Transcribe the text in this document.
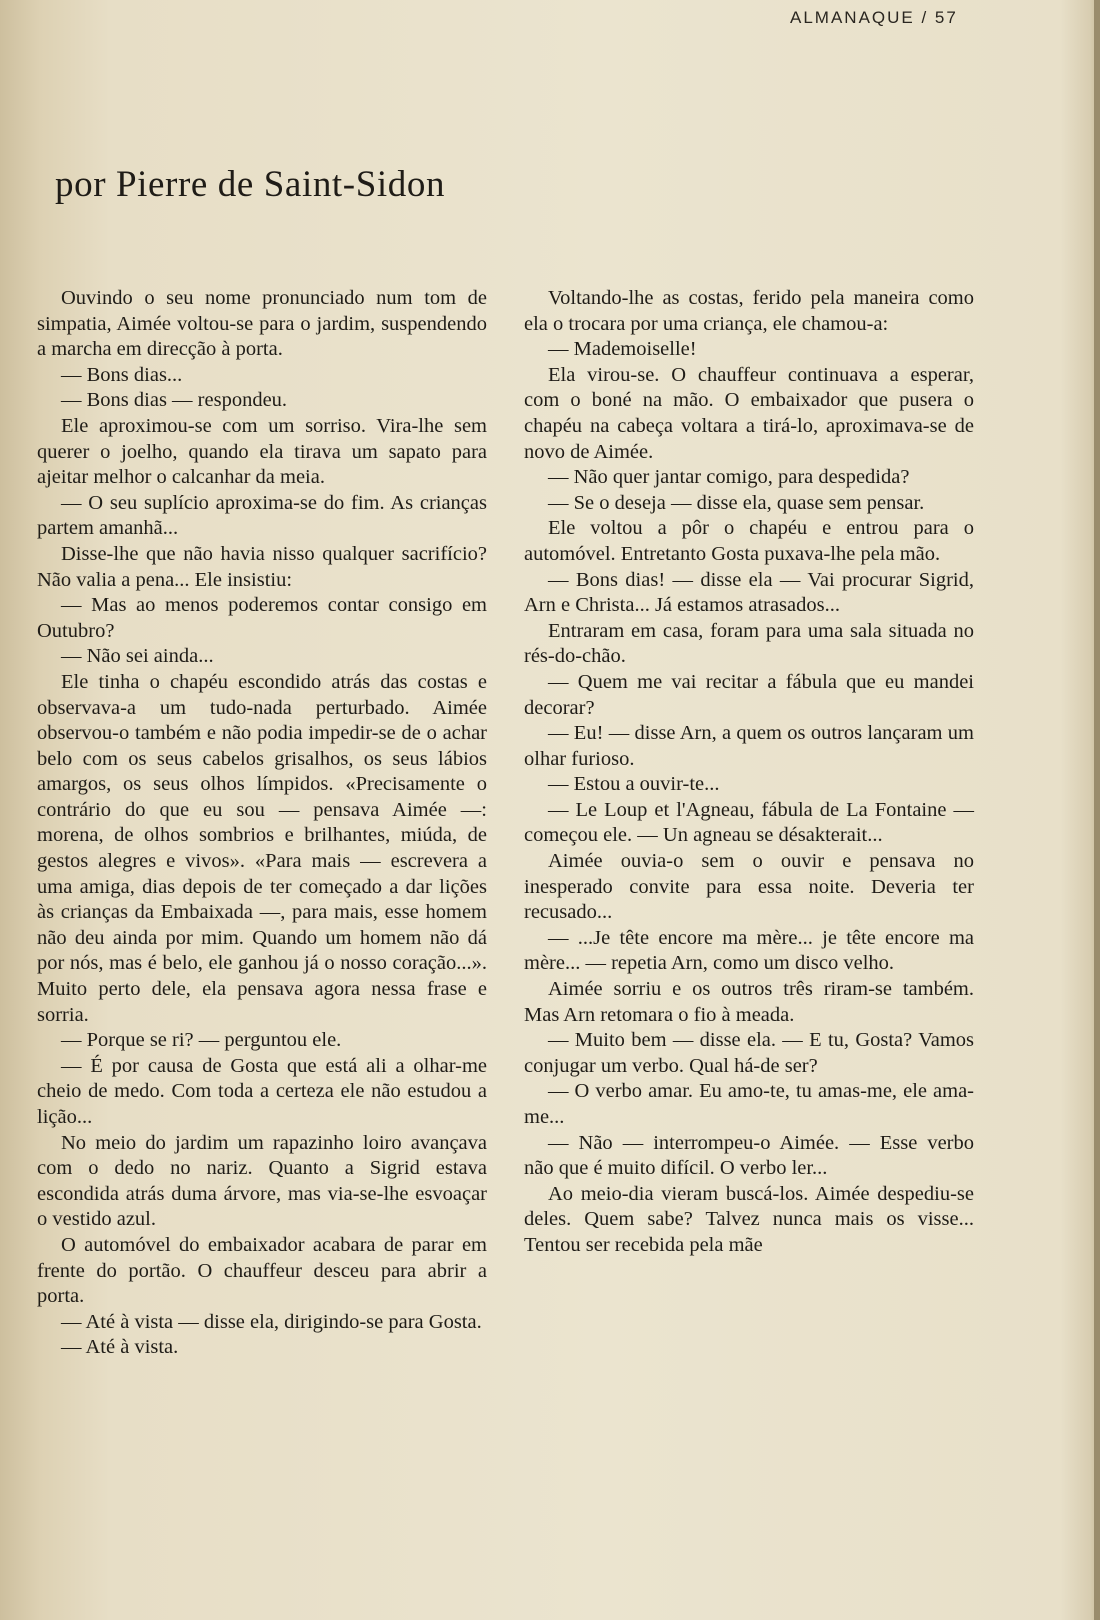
ALMANAQUE / 57
por Pierre de Saint-Sidon

Ouvindo o seu nome pronunciado num tom de simpatia, Aimée voltou-se para o jardim, suspendendo a marcha em direcção à porta.

— Bons dias...

— Bons dias — respondeu.

Ele aproximou-se com um sorriso. Vira-lhe sem querer o joelho, quando ela tirava um sapato para ajeitar melhor o calcanhar da meia.

— O seu suplício aproxima-se do fim. As crianças partem amanhã...

Disse-lhe que não havia nisso qualquer sacrifício? Não valia a pena... Ele insistiu:

— Mas ao menos poderemos contar consigo em Outubro?

— Não sei ainda...

Ele tinha o chapéu escondido atrás das costas e observava-a um tudo-nada perturbado. Aimée observou-o também e não podia impedir-se de o achar belo com os seus cabelos grisalhos, os seus lábios amargos, os seus olhos límpidos. «Precisamente o contrário do que eu sou — pensava Aimée —: morena, de olhos sombrios e brilhantes, miúda, de gestos alegres e vivos». «Para mais — escrevera a uma amiga, dias depois de ter começado a dar lições às crianças da Embaixada —, para mais, esse homem não deu ainda por mim. Quando um homem não dá por nós, mas é belo, ele ganhou já o nosso coração...». Muito perto dele, ela pensava agora nessa frase e sorria.

— Porque se ri? — perguntou ele.

— É por causa de Gosta que está ali a olhar-me cheio de medo. Com toda a certeza ele não estudou a lição...

No meio do jardim um rapazinho loiro avançava com o dedo no nariz. Quanto a Sigrid estava escondida atrás duma árvore, mas via-se-lhe esvoaçar o vestido azul.

O automóvel do embaixador acabara de parar em frente do portão. O chauffeur desceu para abrir a porta.

— Até à vista — disse ela, dirigindo-se para Gosta.

— Até à vista.

Voltando-lhe as costas, ferido pela maneira como ela o trocara por uma criança, ele chamou-a:

— Mademoiselle!

Ela virou-se. O chauffeur continuava a esperar, com o boné na mão. O embaixador que pusera o chapéu na cabeça voltara a tirá-lo, aproximava-se de novo de Aimée.

— Não quer jantar comigo, para despedida?

— Se o deseja — disse ela, quase sem pensar.

Ele voltou a pôr o chapéu e entrou para o automóvel. Entretanto Gosta puxava-lhe pela mão.

— Bons dias! — disse ela — Vai procurar Sigrid, Arn e Christa... Já estamos atrasados...

Entraram em casa, foram para uma sala situada no rés-do-chão.

— Quem me vai recitar a fábula que eu mandei decorar?

— Eu! — disse Arn, a quem os outros lançaram um olhar furioso.

— Estou a ouvir-te...

— Le Loup et l'Agneau, fábula de La Fontaine — começou ele. — Un agneau se désakterait...

Aimée ouvia-o sem o ouvir e pensava no inesperado convite para essa noite. Deveria ter recusado...

— ...Je tête encore ma mère... je tête encore ma mère... — repetia Arn, como um disco velho.

Aimée sorriu e os outros três riram-se também. Mas Arn retomara o fio à meada.

— Muito bem — disse ela. — E tu, Gosta? Vamos conjugar um verbo. Qual há-de ser?

— O verbo amar. Eu amo-te, tu amas-me, ele ama-me...

— Não — interrompeu-o Aimée. — Esse verbo não que é muito difícil. O verbo ler...

Ao meio-dia vieram buscá-los. Aimée despediu-se deles. Quem sabe? Talvez nunca mais os visse... Tentou ser recebida pela mãe
